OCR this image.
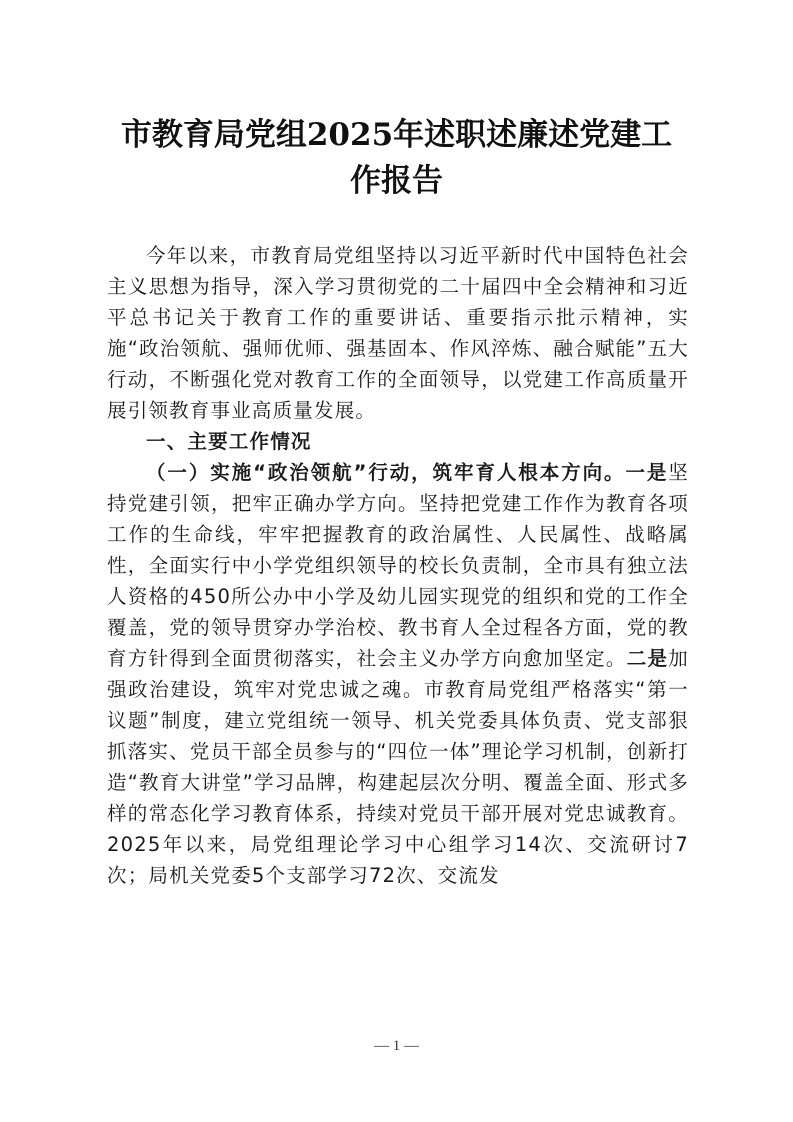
市教育局党组2025年述职述廉述党建工
作报告

今年以来，市教育局党组坚持以习近平新时代中国特色社会主义思想为指导，深入学习贯彻党的二十届四中全会精神和习近平总书记关于教育工作的重要讲话、重要指示批示精神，实施“政治领航、强师优师、强基固本、作风淬炼、融合赋能”五大行动，不断强化党对教育工作的全面领导，以党建工作高质量开展引领教育事业高质量发展。

一、主要工作情况

（一）实施“政治领航”行动，筑牢育人根本方向。一是坚持党建引领，把牢正确办学方向。坚持把党建工作作为教育各项工作的生命线，牢牢把握教育的政治属性、人民属性、战略属性，全面实行中小学党组织领导的校长负责制，全市具有独立法人资格的450所公办中小学及幼儿园实现党的组织和党的工作全覆盖，党的领导贯穿办学治校、教书育人全过程各方面，党的教育方针得到全面贯彻落实，社会主义办学方向愈加坚定。二是加强政治建设，筑牢对党忠诚之魂。市教育局党组严格落实“第一议题”制度，建立党组统一领导、机关党委具体负责、党支部狠抓落实、党员干部全员参与的“四位一体”理论学习机制，创新打造“教育大讲堂”学习品牌，构建起层次分明、覆盖全面、形式多样的常态化学习教育体系，持续对党员干部开展对党忠诚教育。2025年以来，局党组理论学习中心组学习14次、交流研讨7次；局机关党委5个支部学习72次、交流发

— 1 —
